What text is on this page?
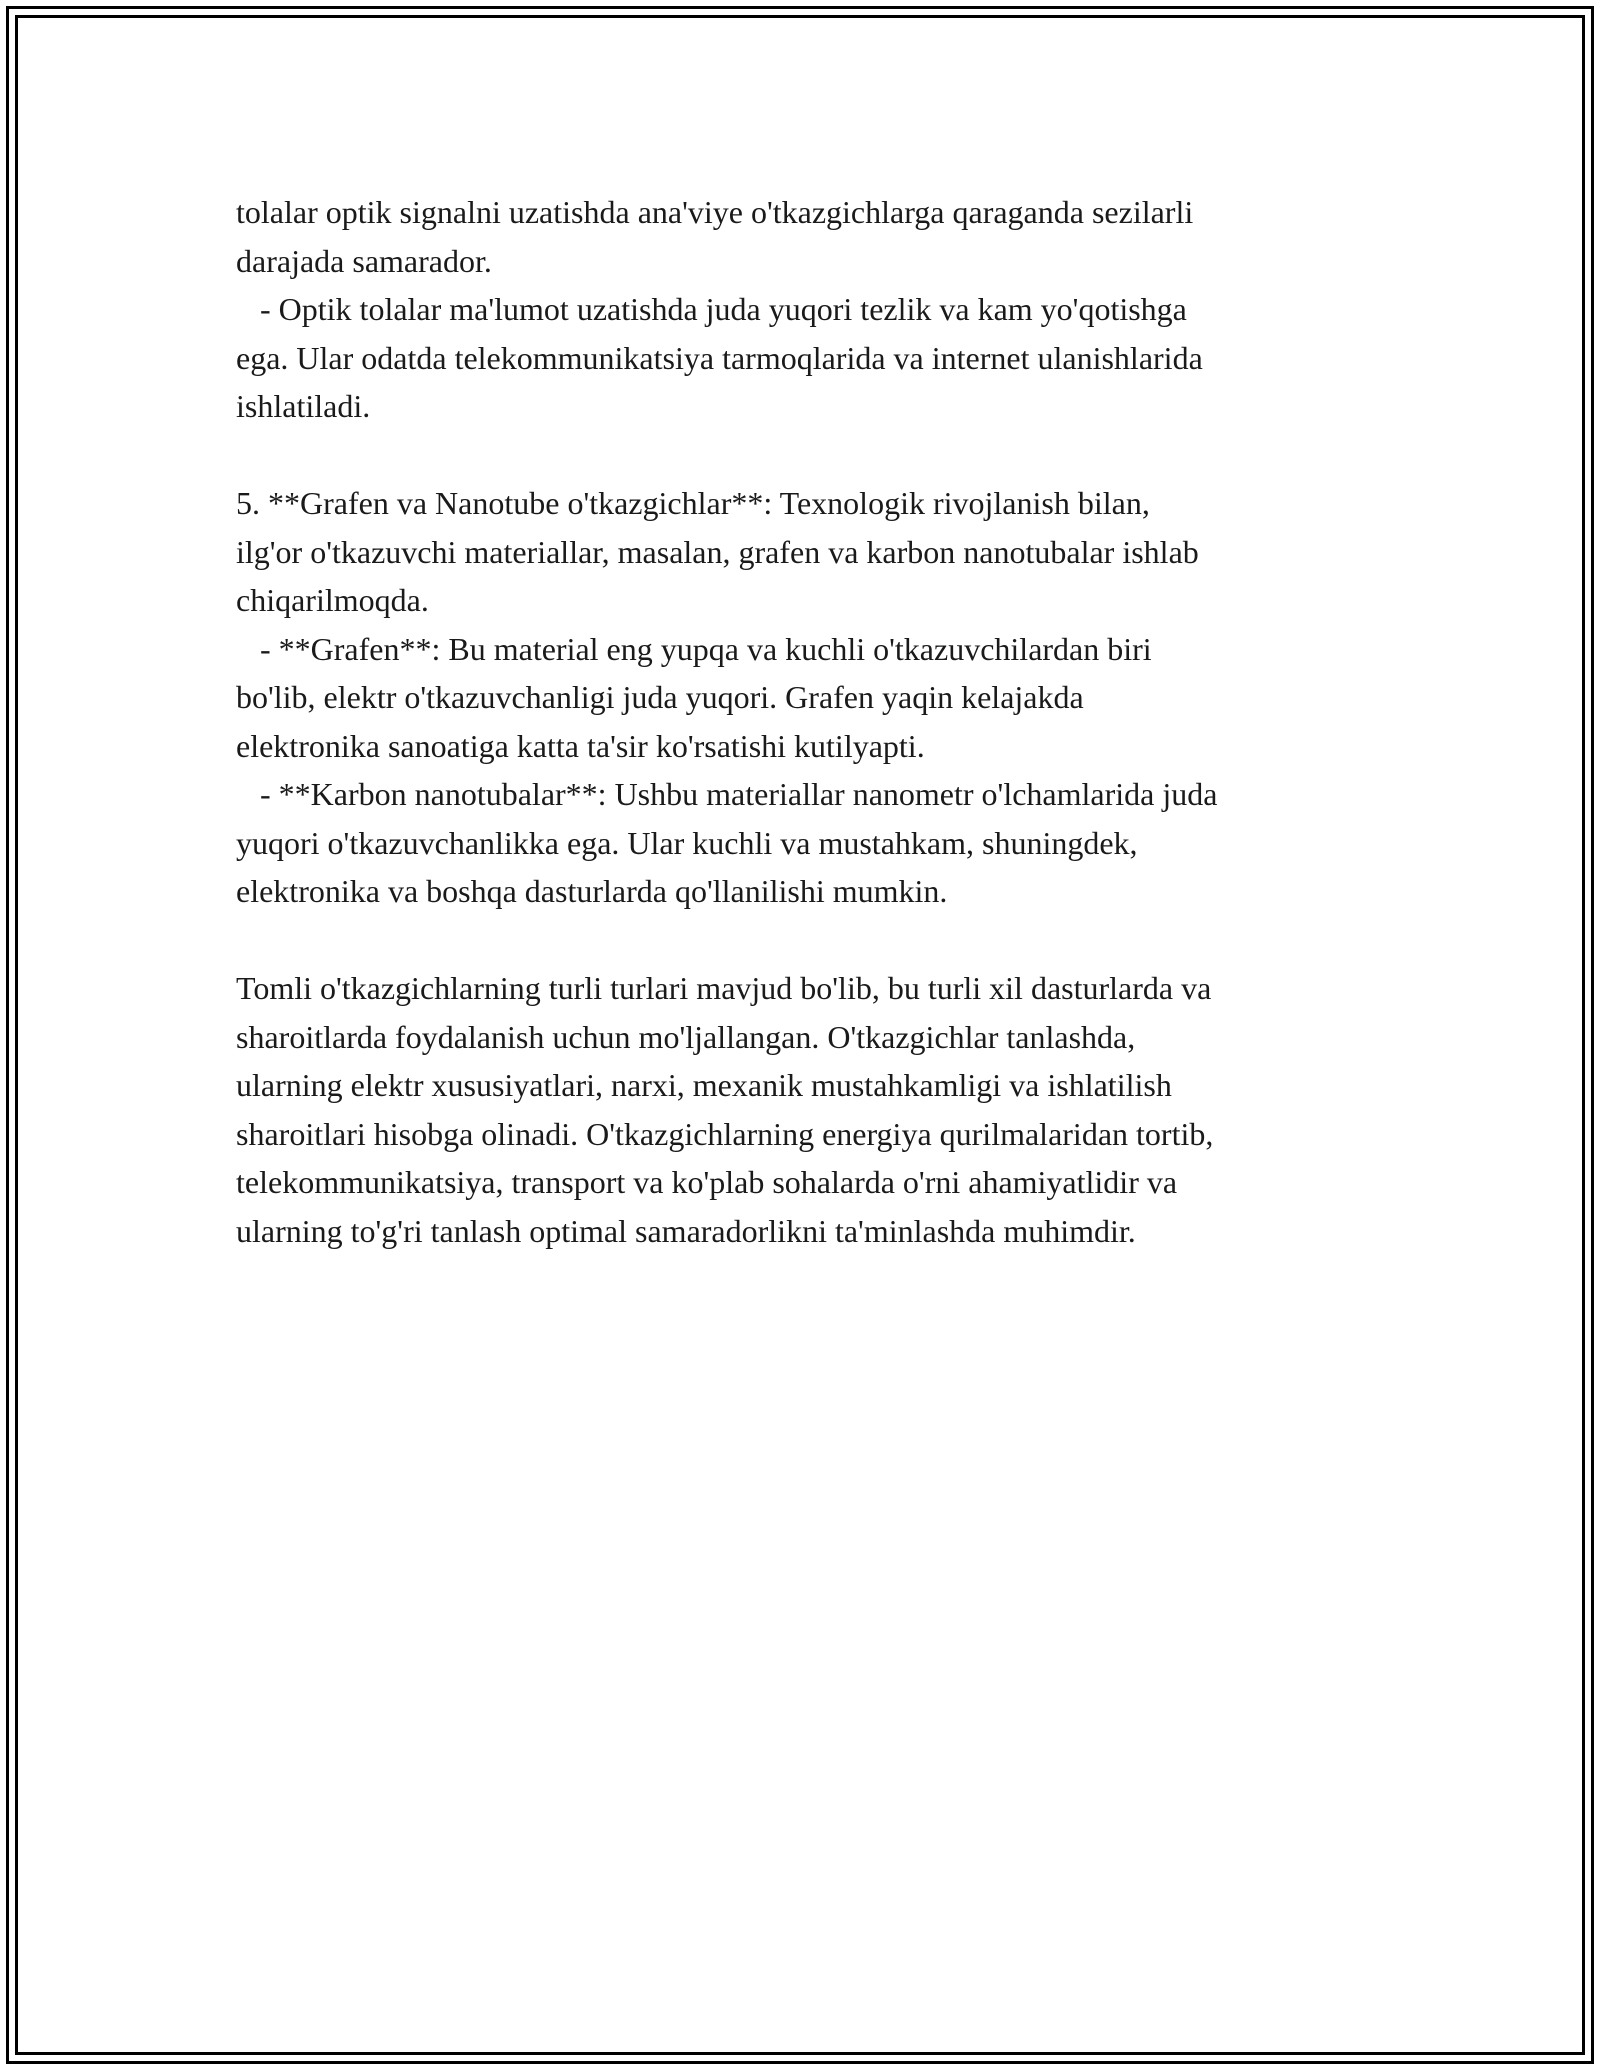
tolalar optik signalni uzatishda ana'viye o'tkazgichlarga qaraganda sezilarli
darajada samarador.
- Optik tolalar ma'lumot uzatishda juda yuqori tezlik va kam yo'qotishga
ega. Ular odatda telekommunikatsiya tarmoqlarida va internet ulanishlarida
ishlatiladi.
5. **Grafen va Nanotube o'tkazgichlar**: Texnologik rivojlanish bilan,
ilg'or o'tkazuvchi materiallar, masalan, grafen va karbon nanotubalar ishlab
chiqarilmoqda.
- **Grafen**: Bu material eng yupqa va kuchli o'tkazuvchilardan biri
bo'lib, elektr o'tkazuvchanligi juda yuqori. Grafen yaqin kelajakda
elektronika sanoatiga katta ta'sir ko'rsatishi kutilyapti.
- **Karbon nanotubalar**: Ushbu materiallar nanometr o'lchamlarida juda
yuqori o'tkazuvchanlikka ega. Ular kuchli va mustahkam, shuningdek,
elektronika va boshqa dasturlarda qo'llanilishi mumkin.
Tomli o'tkazgichlarning turli turlari mavjud bo'lib, bu turli xil dasturlarda va
sharoitlarda foydalanish uchun mo'ljallangan. O'tkazgichlar tanlashda,
ularning elektr xususiyatlari, narxi, mexanik mustahkamligi va ishlatilish
sharoitlari hisobga olinadi. O'tkazgichlarning energiya qurilmalaridan tortib,
telekommunikatsiya, transport va ko'plab sohalarda o'rni ahamiyatlidir va
ularning to'g'ri tanlash optimal samaradorlikni ta'minlashda muhimdir.
